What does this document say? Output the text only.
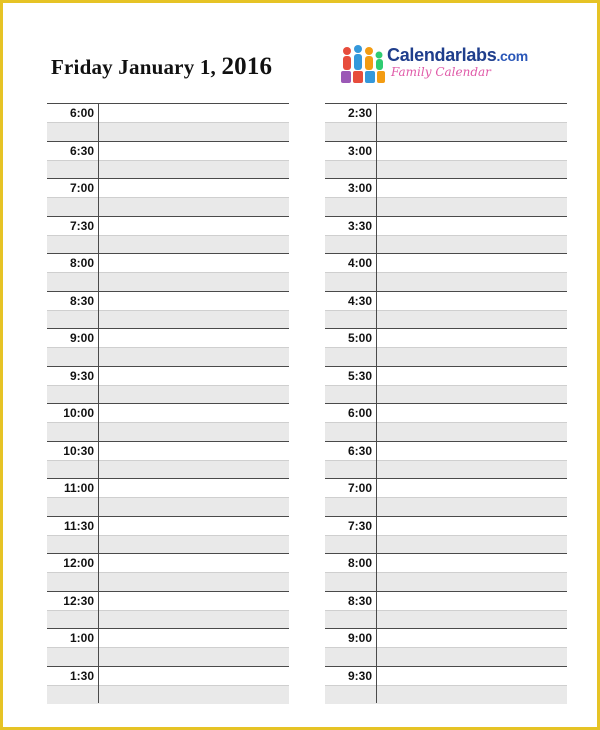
Friday January 1, 2016	Calendarlabs.com
Family Calendar
6:00
6:30
7:00
7:30
8:00
8:30
9:00
9:30
10:00
10:30
11:00
11:30
12:00
12:30
1:00
1:30
2:30
3:00
3:00
3:30
4:00
4:30
5:00
5:30
6:00
6:30
7:00
7:30
8:00
8:30
9:00
9:30
